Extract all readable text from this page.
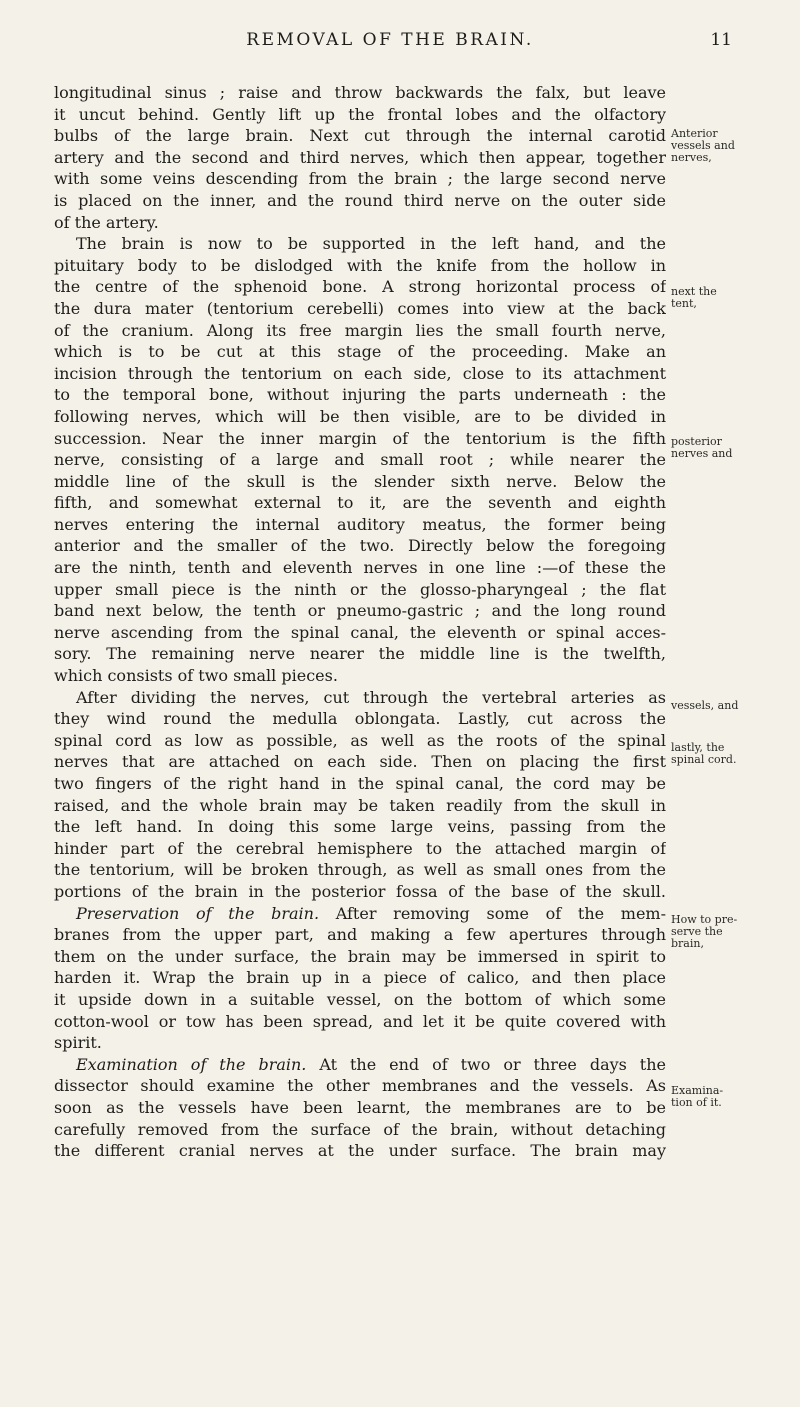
REMOVAL OF THE BRAIN.	11
longitudinal sinus ; raise and throw backwards the falx, but leave
it uncut behind. Gently lift up the frontal lobes and the olfactory
bulbs of the large brain. Next cut through the internal carotid
artery and the second and third nerves, which then appear, together
with some veins descending from the brain ; the large second nerve
is placed on the inner, and the round third nerve on the outer side
of the artery.
The brain is now to be supported in the left hand, and the
pituitary body to be dislodged with the knife from the hollow in
the centre of the sphenoid bone. A strong horizontal process of
the dura mater (tentorium cerebelli) comes into view at the back
of the cranium. Along its free margin lies the small fourth nerve,
which is to be cut at this stage of the proceeding. Make an
incision through the tentorium on each side, close to its attachment
to the temporal bone, without injuring the parts underneath : the
following nerves, which will be then visible, are to be divided in
succession. Near the inner margin of the tentorium is the fifth
nerve, consisting of a large and small root ; while nearer the
middle line of the skull is the slender sixth nerve. Below the
fifth, and somewhat external to it, are the seventh and eighth
nerves entering the internal auditory meatus, the former being
anterior and the smaller of the two. Directly below the foregoing
are the ninth, tenth and eleventh nerves in one line :—of these the
upper small piece is the ninth or the glosso-pharyngeal ; the flat
band next below, the tenth or pneumo-gastric ; and the long round
nerve ascending from the spinal canal, the eleventh or spinal acces-
sory. The remaining nerve nearer the middle line is the twelfth,
which consists of two small pieces.
After dividing the nerves, cut through the vertebral arteries as
they wind round the medulla oblongata. Lastly, cut across the
spinal cord as low as possible, as well as the roots of the spinal
nerves that are attached on each side. Then on placing the first
two fingers of the right hand in the spinal canal, the cord may be
raised, and the whole brain may be taken readily from the skull in
the left hand. In doing this some large veins, passing from the
hinder part of the cerebral hemisphere to the attached margin of
the tentorium, will be broken through, as well as small ones from the
portions of the brain in the posterior fossa of the base of the skull.
Preservation of the brain. After removing some of the mem-
branes from the upper part, and making a few apertures through
them on the under surface, the brain may be immersed in spirit to
harden it. Wrap the brain up in a piece of calico, and then place
it upside down in a suitable vessel, on the bottom of which some
cotton-wool or tow has been spread, and let it be quite covered with
spirit.
Examination of the brain. At the end of two or three days the
dissector should examine the other membranes and the vessels. As
soon as the vessels have been learnt, the membranes are to be
carefully removed from the surface of the brain, without detaching
the different cranial nerves at the under surface. The brain may
Anterior
vessels and
nerves,
next the
tent,
posterior
nerves and
vessels, and
lastly, the
spinal cord.
How to pre-
serve the
brain,
Examina-
tion of it.
